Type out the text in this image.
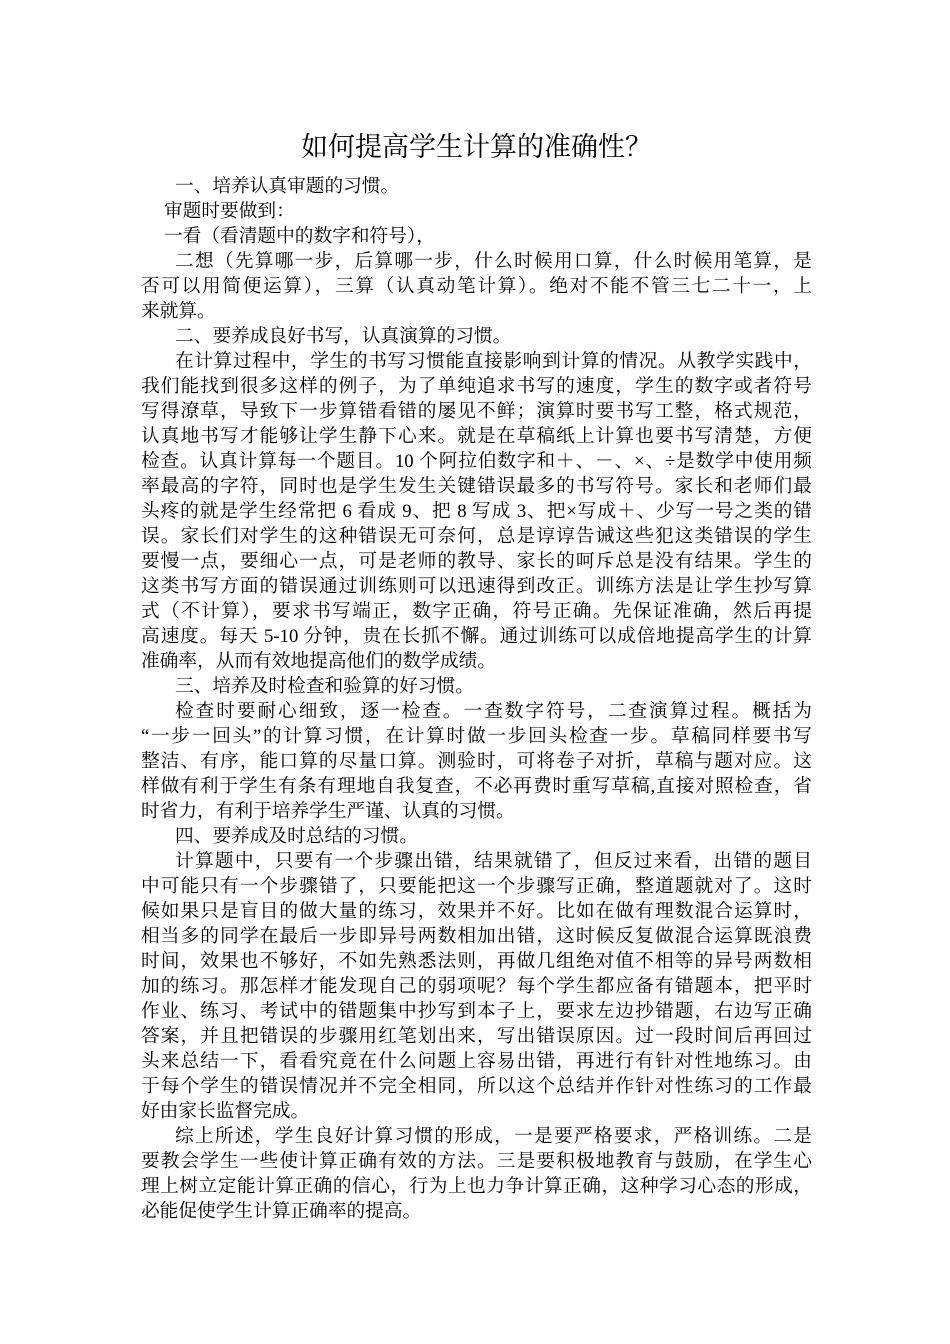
如何提高学生计算的准确性？

一、培养认真审题的习惯。

审题时要做到：

一看（看清题中的数字和符号），

二想（先算哪一步，后算哪一步，什么时候用口算，什么时候用笔算，是
否可以用简便运算），三算（认真动笔计算）。绝对不能不管三七二十一，上
来就算。

二、要养成良好书写，认真演算的习惯。

在计算过程中，学生的书写习惯能直接影响到计算的情况。从教学实践中，
我们能找到很多这样的例子，为了单纯追求书写的速度，学生的数字或者符号
写得潦草，导致下一步算错看错的屡见不鲜；演算时要书写工整，格式规范，
认真地书写才能够让学生静下心来。就是在草稿纸上计算也要书写清楚，方便
检查。认真计算每一个题目。10 个阿拉伯数字和＋、－、×、÷是数学中使用频
率最高的字符，同时也是学生发生关键错误最多的书写符号。家长和老师们最
头疼的就是学生经常把 6 看成 9、把 8 写成 3、把×写成＋、少写一号之类的错
误。家长们对学生的这种错误无可奈何，总是谆谆告诫这些犯这类错误的学生
要慢一点，要细心一点，可是老师的教导、家长的呵斥总是没有结果。学生的
这类书写方面的错误通过训练则可以迅速得到改正。训练方法是让学生抄写算
式（不计算），要求书写端正，数字正确，符号正确。先保证准确，然后再提
高速度。每天 5-10 分钟，贵在长抓不懈。通过训练可以成倍地提高学生的计算
准确率，从而有效地提高他们的数学成绩。

三、培养及时检查和验算的好习惯。

检查时要耐心细致，逐一检查。一查数字符号，二查演算过程。概括为
“一步一回头”的计算习惯，在计算时做一步回头检查一步。草稿同样要书写
整洁、有序，能口算的尽量口算。测验时，可将卷子对折，草稿与题对应。这
样做有利于学生有条有理地自我复查，不必再费时重写草稿,直接对照检查，省
时省力，有利于培养学生严谨、认真的习惯。

四、要养成及时总结的习惯。

计算题中，只要有一个步骤出错，结果就错了，但反过来看，出错的题目
中可能只有一个步骤错了，只要能把这一个步骤写正确，整道题就对了。这时
候如果只是盲目的做大量的练习，效果并不好。比如在做有理数混合运算时，
相当多的同学在最后一步即异号两数相加出错，这时候反复做混合运算既浪费
时间，效果也不够好，不如先熟悉法则，再做几组绝对值不相等的异号两数相
加的练习。那怎样才能发现自己的弱项呢？每个学生都应备有错题本，把平时
作业、练习、考试中的错题集中抄写到本子上，要求左边抄错题，右边写正确
答案，并且把错误的步骤用红笔划出来，写出错误原因。过一段时间后再回过
头来总结一下，看看究竟在什么问题上容易出错，再进行有针对性地练习。由
于每个学生的错误情况并不完全相同，所以这个总结并作针对性练习的工作最
好由家长监督完成。

综上所述，学生良好计算习惯的形成，一是要严格要求，严格训练。二是
要教会学生一些使计算正确有效的方法。三是要积极地教育与鼓励，在学生心
理上树立定能计算正确的信心，行为上也力争计算正确，这种学习心态的形成，
必能促使学生计算正确率的提高。
